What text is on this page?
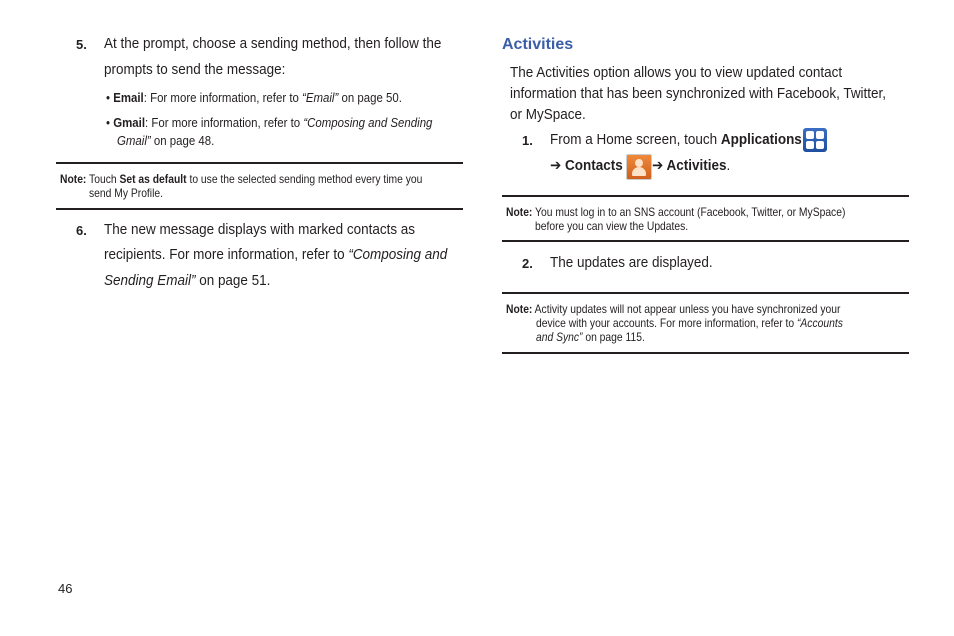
5. At the prompt, choose a sending method, then follow the
prompts to send the message:
• Email: For more information, refer to “Email” on page 50.
• Gmail: For more information, refer to “Composing and Sending
Gmail” on page 48.
Note: Touch Set as default to use the selected sending method every time you
send My Profile.
6. The new message displays with marked contacts as
recipients. For more information, refer to “Composing and
Sending Email” on page 51.
Activities
The Activities option allows you to view updated contact
information that has been synchronized with Facebook, Twitter,
or MySpace.
1. From a Home screen, touch Applications
➔ Contacts ➔ Activities.
Note: You must log in to an SNS account (Facebook, Twitter, or MySpace)
before you can view the Updates.
2. The updates are displayed.
Note: Activity updates will not appear unless you have synchronized your
device with your accounts. For more information, refer to “Accounts
and Sync” on page 115.
46
